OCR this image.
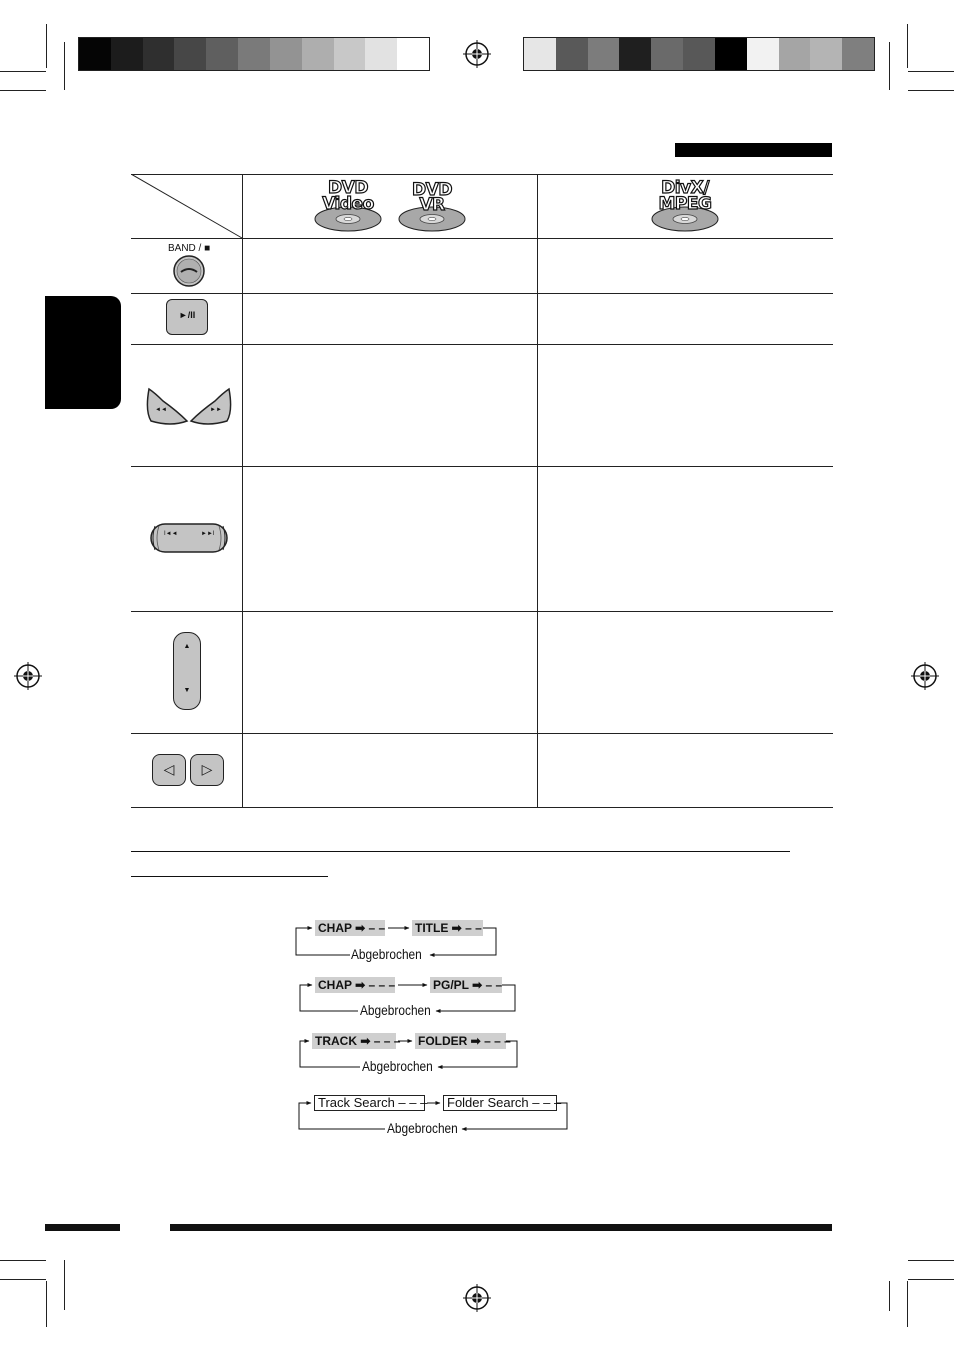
DVD
Video
DVD
VR
DivX/
MPEG
BAND / ■
►/II
◄◄	►►
I◄◄	►►I
▲
▼
◁	▷
CHAP ➡ – – TITLE ➡ – –
Abgebrochen
CHAP ➡ – – –	PG/PL ➡ – –
Abgebrochen
TRACK ➡ – – – FOLDER ➡ – – –
Abgebrochen
Track Search – – –	Folder Search – – –
Abgebrochen
